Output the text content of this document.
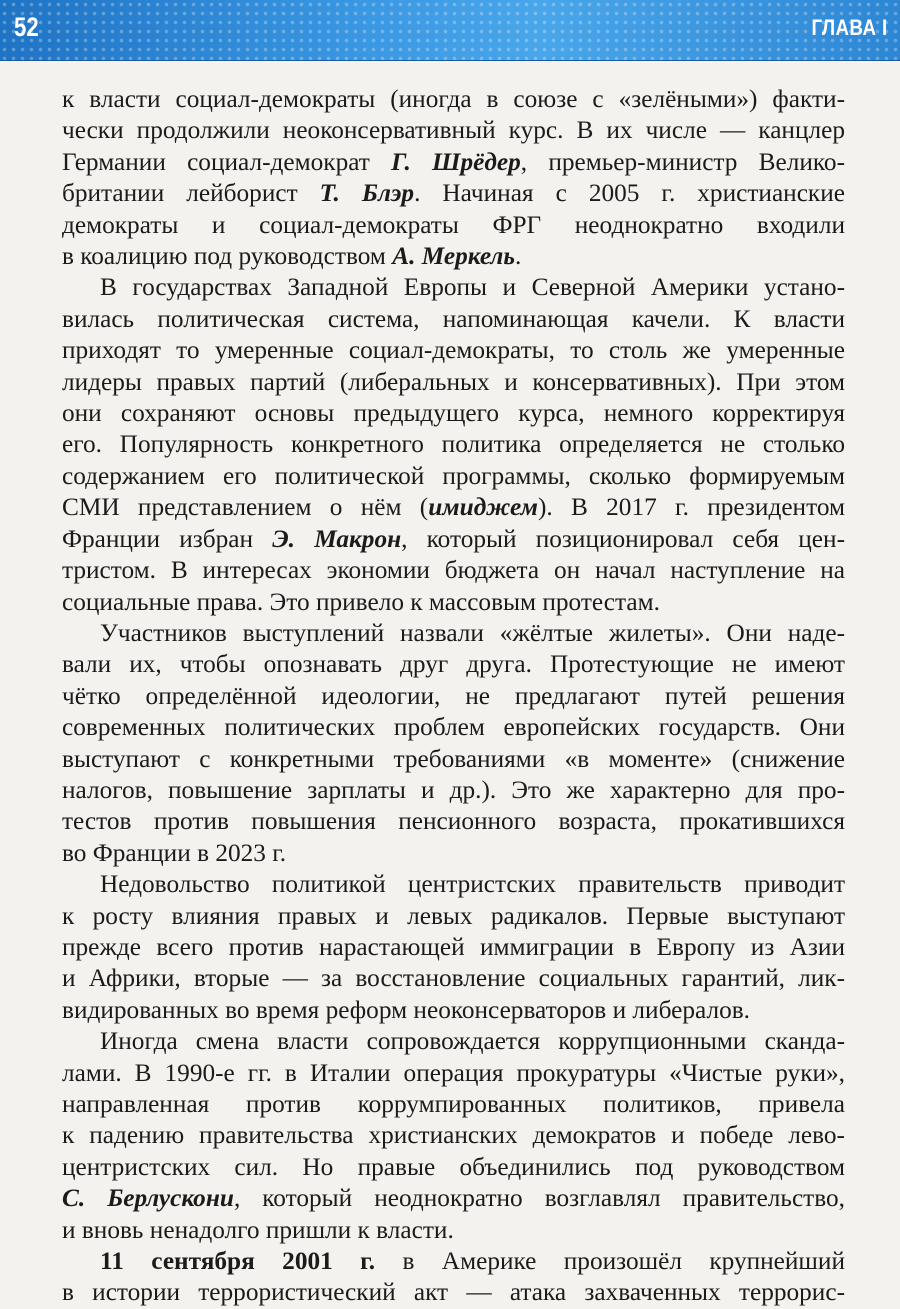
52	ГЛАВА I

к власти социал-демократы (иногда в союзе с «зелёными») факти-
чески продолжили неоконсервативный курс. В их числе — канцлер
Германии социал-демократ Г. Шрёдер, премьер-министр Велико-
британии лейборист Т. Блэр. Начиная с 2005 г. христианские
демократы и социал-демократы ФРГ неоднократно входили
в коалицию под руководством А. Меркель.

В государствах Западной Европы и Северной Америки устано-
вилась политическая система, напоминающая качели. К власти
приходят то умеренные социал-демократы, то столь же умеренные
лидеры правых партий (либеральных и консервативных). При этом
они сохраняют основы предыдущего курса, немного корректируя
его. Популярность конкретного политика определяется не столько
содержанием его политической программы, сколько формируемым
СМИ представлением о нём (имиджем). В 2017 г. президентом
Франции избран Э. Макрон, который позиционировал себя цен-
тристом. В интересах экономии бюджета он начал наступление на
социальные права. Это привело к массовым протестам.

Участников выступлений назвали «жёлтые жилеты». Они наде-
вали их, чтобы опознавать друг друга. Протестующие не имеют
чётко определённой идеологии, не предлагают путей решения
современных политических проблем европейских государств. Они
выступают с конкретными требованиями «в моменте» (снижение
налогов, повышение зарплаты и др.). Это же характерно для про-
тестов против повышения пенсионного возраста, прокатившихся
во Франции в 2023 г.

Недовольство политикой центристских правительств приводит
к росту влияния правых и левых радикалов. Первые выступают
прежде всего против нарастающей иммиграции в Европу из Азии
и Африки, вторые — за восстановление социальных гарантий, лик-
видированных во время реформ неоконсерваторов и либералов.

Иногда смена власти сопровождается коррупционными сканда-
лами. В 1990-е гг. в Италии операция прокуратуры «Чистые руки»,
направленная против коррумпированных политиков, привела
к падению правительства христианских демократов и победе лево-
центристских сил. Но правые объединились под руководством
С. Берлускони, который неоднократно возглавлял правительство,
и вновь ненадолго пришли к власти.

11 сентября 2001 г. в Америке произошёл крупнейший
в истории террористический акт — атака захваченных террорис-
